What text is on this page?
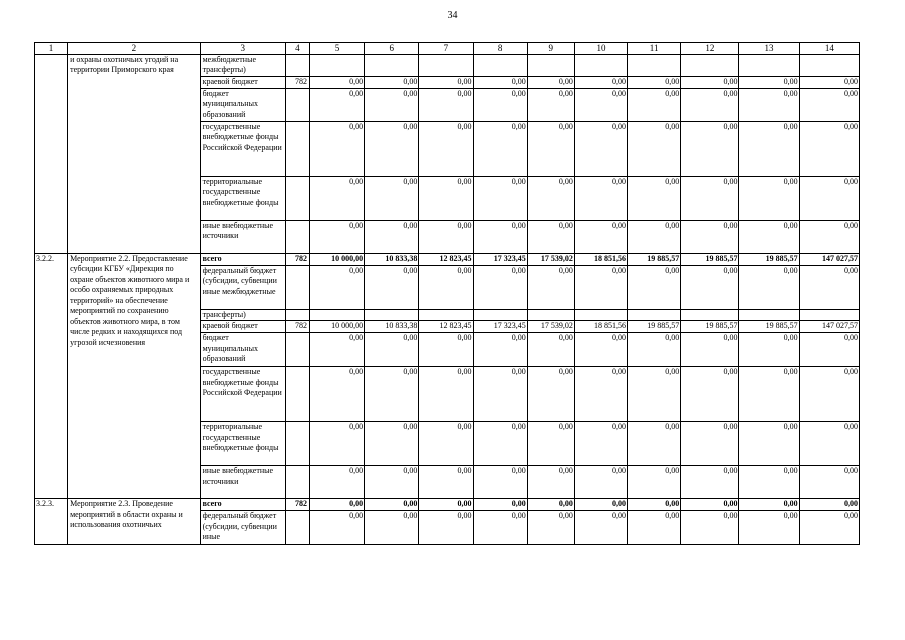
34
1	2	3	4	5	6	7	8	9	10	11	12	13	14
	и охраны охотничьих угодий на территории Приморского края	межбюджетные трансферты)											
		краевой бюджет	782	0,00	0,00	0,00	0,00	0,00	0,00	0,00	0,00	0,00	0,00
		бюджет муниципальных образований		0,00	0,00	0,00	0,00	0,00	0,00	0,00	0,00	0,00	0,00
		государственные внебюджетные фонды Российской Федерации		0,00	0,00	0,00	0,00	0,00	0,00	0,00	0,00	0,00	0,00
		территориальные государственные внебюджетные фонды		0,00	0,00	0,00	0,00	0,00	0,00	0,00	0,00	0,00	0,00
		иные внебюджетные источники		0,00	0,00	0,00	0,00	0,00	0,00	0,00	0,00	0,00	0,00
3.2.2.	Мероприятие 2.2. Предоставление субсидии КГБУ «Дирекция по охране объектов животного мира и особо охраняемых природных территорий» на обеспечение мероприятий по сохранению объектов животного мира, в том числе редких и находящихся под угрозой исчезновения	всего	782	10 000,00	10 833,38	12 823,45	17 323,45	17 539,02	18 851,56	19 885,57	19 885,57	19 885,57	147 027,57
		федеральный бюджет (субсидии, субвенции иные межбюджетные		0,00	0,00	0,00	0,00	0,00	0,00	0,00	0,00	0,00	0,00
		трансферты)											
		краевой бюджет	782	10 000,00	10 833,38	12 823,45	17 323,45	17 539,02	18 851,56	19 885,57	19 885,57	19 885,57	147 027,57
		бюджет муниципальных образований		0,00	0,00	0,00	0,00	0,00	0,00	0,00	0,00	0,00	0,00
		государственные внебюджетные фонды Российской Федерации		0,00	0,00	0,00	0,00	0,00	0,00	0,00	0,00	0,00	0,00
		территориальные государственные внебюджетные фонды		0,00	0,00	0,00	0,00	0,00	0,00	0,00	0,00	0,00	0,00
		иные внебюджетные источники		0,00	0,00	0,00	0,00	0,00	0,00	0,00	0,00	0,00	0,00
3.2.3.	Мероприятие 2.3. Проведение мероприятий в области охраны и использования охотничьих	всего	782	0,00	0,00	0,00	0,00	0,00	0,00	0,00	0,00	0,00	0,00
		федеральный бюджет (субсидии, субвенции иные		0,00	0,00	0,00	0,00	0,00	0,00	0,00	0,00	0,00	0,00
